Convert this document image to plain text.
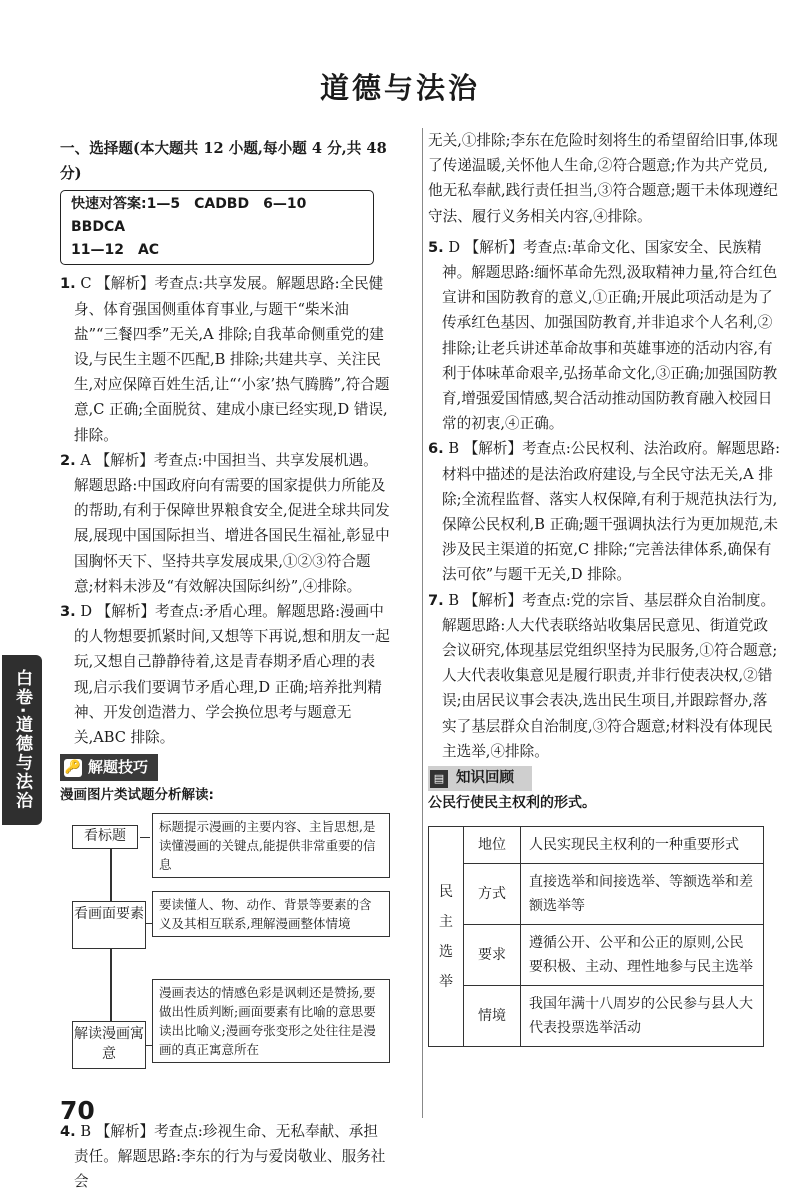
道德与法治

一、选择题(本大题共 12 小题,每小题 4 分,共 48 分)

快速对答案:1—5　CADBD　6—10　BBDCA
11—12　AC

1. C 【解析】考查点:共享发展。解题思路:全民健身、体育强国侧重体育事业,与题干“柴米油盐”“三餐四季”无关,A 排除;自我革命侧重党的建设,与民生主题不匹配,B 排除;共建共享、关注民生,对应保障百姓生活,让“‘小家’热气腾腾”,符合题意,C 正确;全面脱贫、建成小康已经实现,D 错误,排除。

2. A 【解析】考查点:中国担当、共享发展机遇。解题思路:中国政府向有需要的国家提供力所能及的帮助,有利于保障世界粮食安全,促进全球共同发展,展现中国国际担当、增进各国民生福祉,彰显中国胸怀天下、坚持共享发展成果,①②③符合题意;材料未涉及“有效解决国际纠纷”,④排除。

3. D 【解析】考查点:矛盾心理。解题思路:漫画中的人物想要抓紧时间,又想等下再说,想和朋友一起玩,又想自己静静待着,这是青春期矛盾心理的表现,启示我们要调节矛盾心理,D 正确;培养批判精神、开发创造潜力、学会换位思考与题意无关,ABC 排除。

🔑 解题技巧

漫画图片类试题分析解读:

看标题
标题提示漫画的主要内容、主旨思想,是读懂漫画的关键点,能提供非常重要的信息
看画面要素
要读懂人、物、动作、背景等要素的含义及其相互联系,理解漫画整体情境
解读漫画寓意
漫画表达的情感色彩是讽刺还是赞扬,要做出性质判断;画面要素有比喻的意思要读出比喻义;漫画夸张变形之处往往是漫画的真正寓意所在

4. B 【解析】考查点:珍视生命、无私奉献、承担责任。解题思路:李东的行为与爱岗敬业、服务社会

无关,①排除;李东在危险时刻将生的希望留给旧事,体现了传递温暖,关怀他人生命,②符合题意;作为共产党员,他无私奉献,践行责任担当,③符合题意;题干未体现遵纪守法、履行义务相关内容,④排除。

5. D 【解析】考查点:革命文化、国家安全、民族精神。解题思路:缅怀革命先烈,汲取精神力量,符合红色宣讲和国防教育的意义,①正确;开展此项活动是为了传承红色基因、加强国防教育,并非追求个人名利,②排除;让老兵讲述革命故事和英雄事迹的活动内容,有利于体味革命艰辛,弘扬革命文化,③正确;加强国防教育,增强爱国情感,契合活动推动国防教育融入校园日常的初衷,④正确。

6. B 【解析】考查点:公民权利、法治政府。解题思路:材料中描述的是法治政府建设,与全民守法无关,A 排除;全流程监督、落实人权保障,有利于规范执法行为,保障公民权利,B 正确;题干强调执法行为更加规范,未涉及民主渠道的拓宽,C 排除;“完善法律体系,确保有法可依”与题干无关,D 排除。

7. B 【解析】考查点:党的宗旨、基层群众自治制度。解题思路:人大代表联络站收集居民意见、街道党政会议研究,体现基层党组织坚持为民服务,①符合题意;人大代表收集意见是履行职责,并非行使表决权,②错误;由居民议事会表决,选出民生项目,并跟踪督办,落实了基层群众自治制度,③符合题意;材料没有体现民主选举,④排除。

▤ 知识回顾

公民行使民主权利的形式。

民主选举	地位	人民实现民主权利的一种重要形式
	方式	直接选举和间接选举、等额选举和差额选举等
	要求	遵循公开、公平和公正的原则,公民要积极、主动、理性地参与民主选举
	情境	我国年满十八周岁的公民参与县人大代表投票选举活动
白卷·道德与法治
70
